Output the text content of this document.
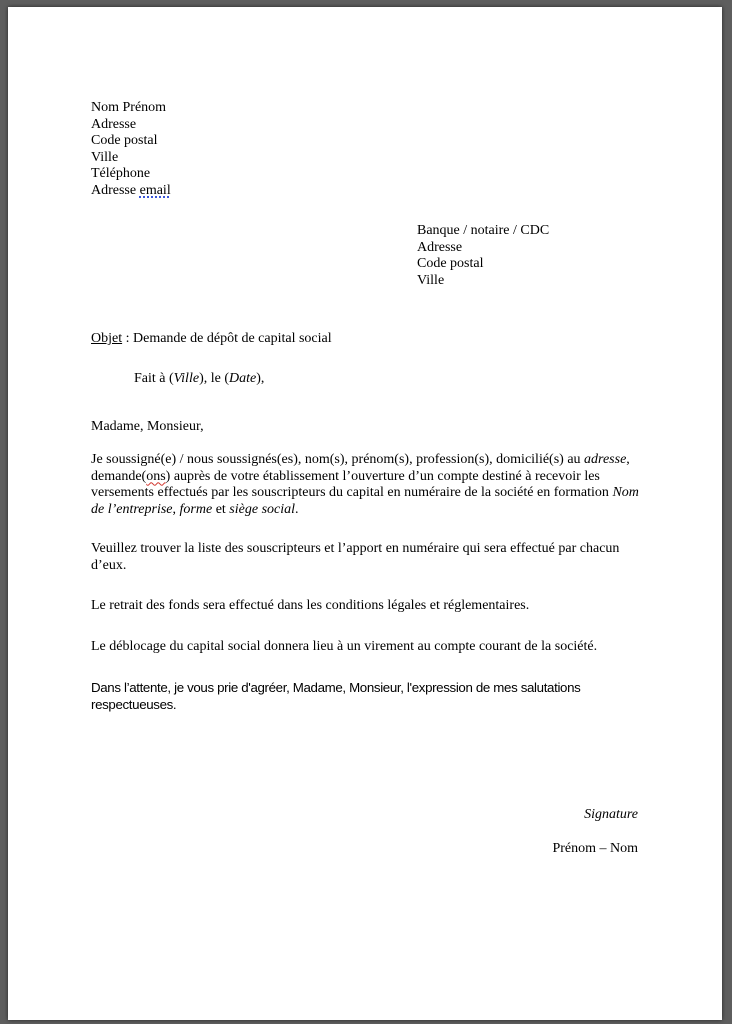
Nom Prénom
Adresse
Code postal
Ville
Téléphone
Adresse email
Banque / notaire / CDC
Adresse
Code postal
Ville
Objet : Demande de dépôt de capital social
Fait à (Ville), le (Date),
Madame, Monsieur,
Je soussigné(e) / nous soussignés(es), nom(s), prénom(s), profession(s), domicilié(s) au adresse, demande(ons) auprès de votre établissement l’ouverture d’un compte destiné à recevoir les versements effectués par les souscripteurs du capital en numéraire de la société en formation Nom de l’entreprise, forme et siège social.
Veuillez trouver la liste des souscripteurs et l’apport en numéraire qui sera effectué par chacun d’eux.
Le retrait des fonds sera effectué dans les conditions légales et réglementaires.
Le déblocage du capital social donnera lieu à un virement au compte courant de la société.
Dans l’attente, je vous prie d'agréer, Madame, Monsieur, l'expression de mes salutations respectueuses.
Signature
Prénom – Nom
